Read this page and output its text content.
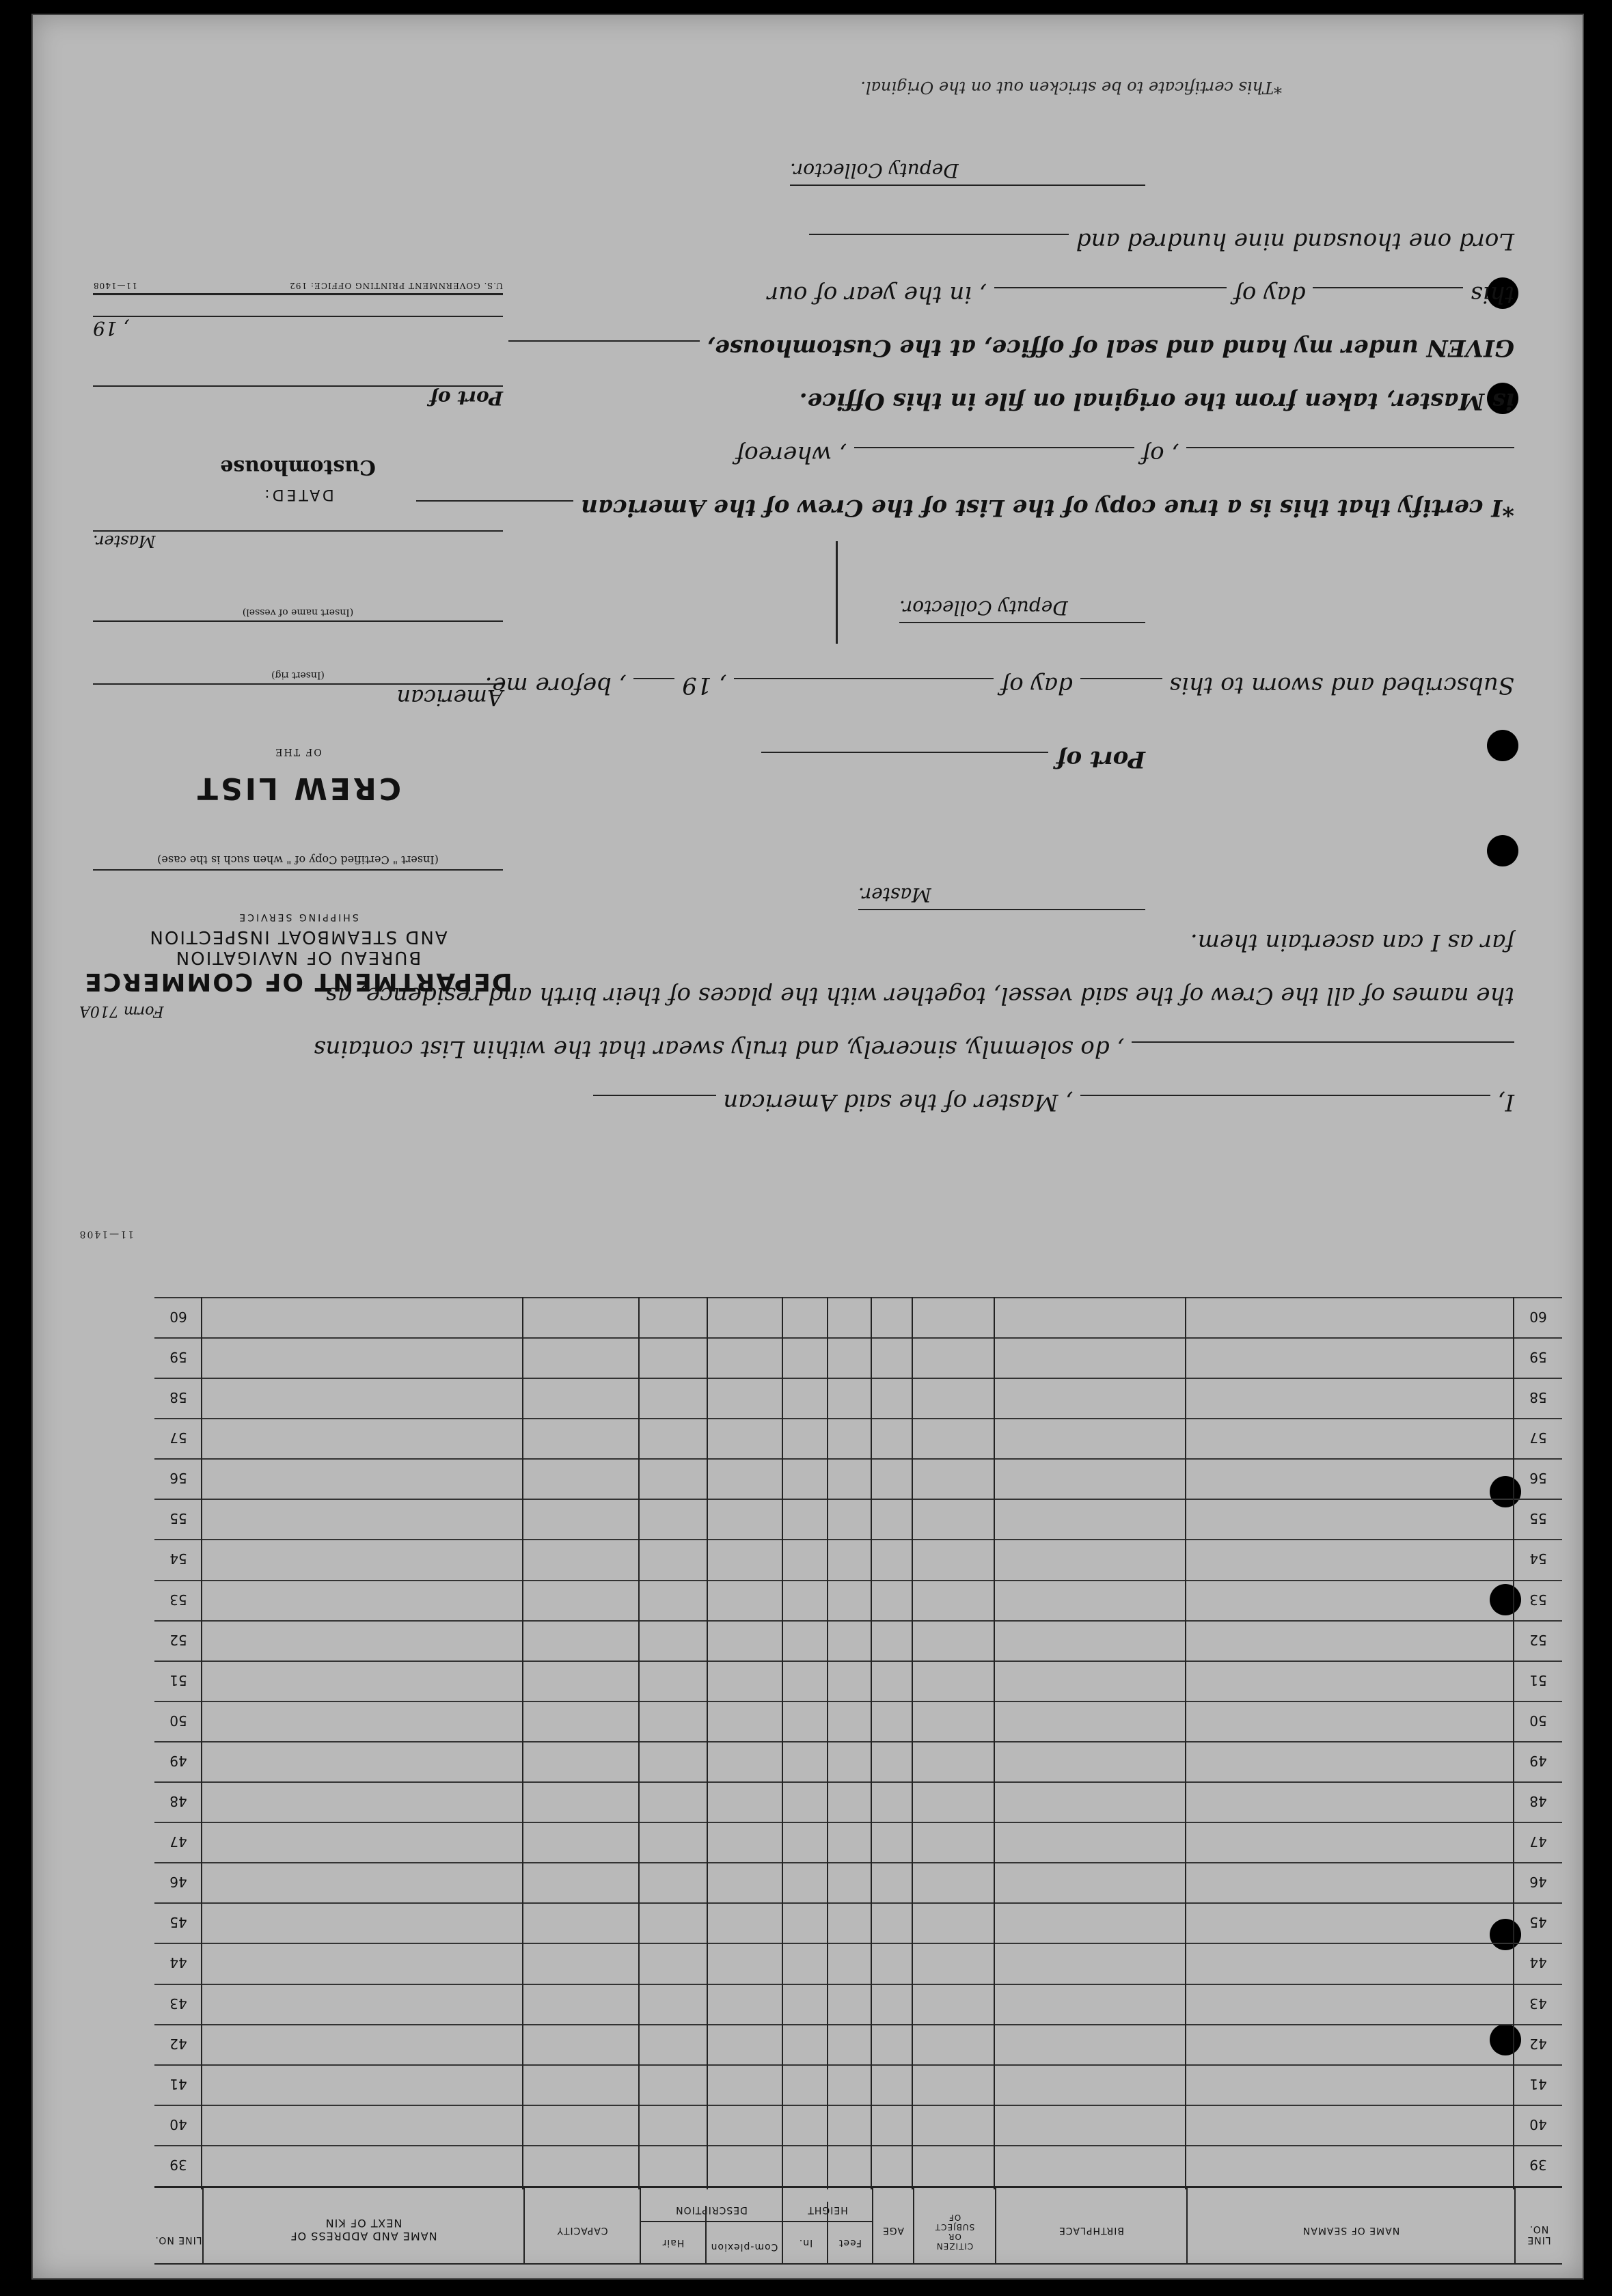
Form 710A
DEPARTMENT OF COMMERCE
BUREAU OF NAVIGATION
AND STEAMBOAT INSPECTION
SHIPPING SERVICE
(Insert " Certified Copy of " when such is the case)
CREW LIST
OF THE
American
(Insert rig)
(Insert name of vessel)
Master.
DATED:
Customhouse
Port of
, 19
U.S. GOVERNMENT PRINTING OFFICE: 192
11—1408
I,  , Master of the said American
, do solemnly, sincerely, and truly swear that the within List contains
the names of all the Crew of the said vessel, together with the places of their birth and residence, as
far as I can ascertain them.
Master.
Port of
Subscribed and sworn to this  day of  , 19  , before me.
Deputy Collector.
*I certify that this is a true copy of the List of the Crew of the American
, of  , whereof
is Master, taken from the original on file in this Office.
GIVEN under my hand and seal of office, at the Customhouse,
this  day of  , in the year of our
Lord one thousand nine hundred and
Deputy Collector.
*This certificate to be stricken out on the Original.
LINE NO.
NAME OF SEAMAN
BIRTHPLACE
CITIZEN
OR
SUBJECT
OF
AGE
HEIGHT
Feet
In.
DESCRIPTION
Com-plexion
Hair
CAPACITY
NAME AND ADDRESS OF
NEXT OF KIN
LINE NO.
39
39
40
40
41
41
42
42
43
43
44
44
45
45
46
46
47
47
48
48
49
49
50
50
51
51
52
52
53
53
54
54
55
55
56
56
57
57
58
58
59
59
60
60
11—1408
